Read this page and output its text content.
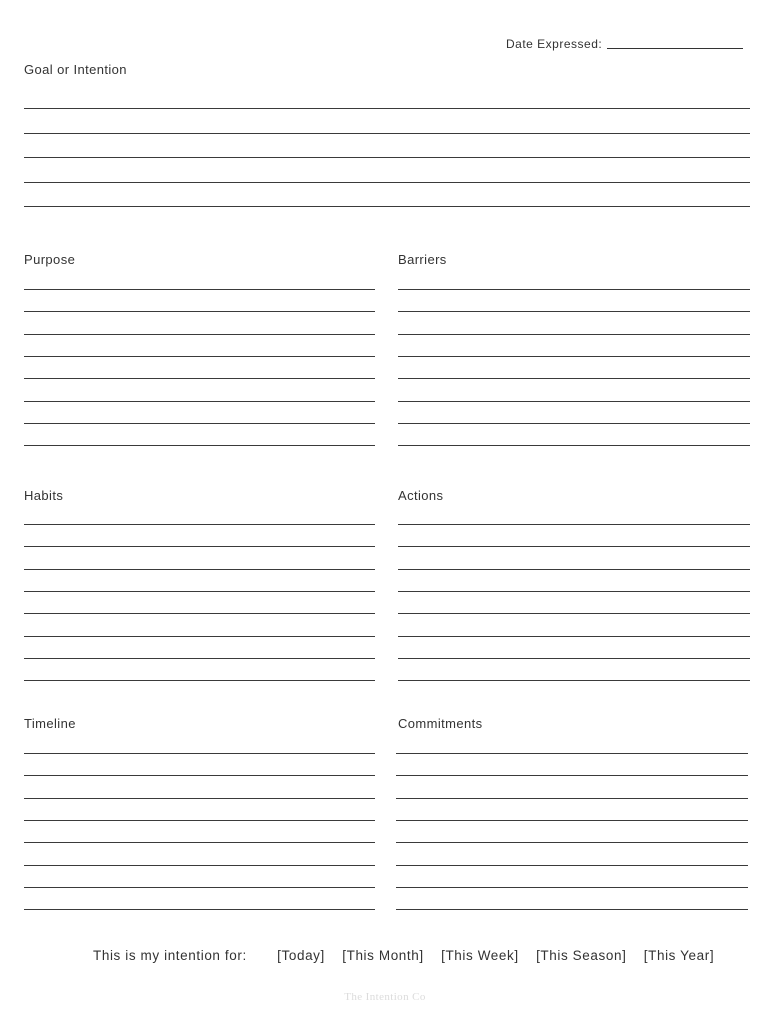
Date Expressed:
Goal or Intention
Purpose	Barriers
Habits	Actions
Timeline	Commitments
This is my intention for: [Today] [This Month] [This Week] [This Season] [This Year]
The Intention Co
